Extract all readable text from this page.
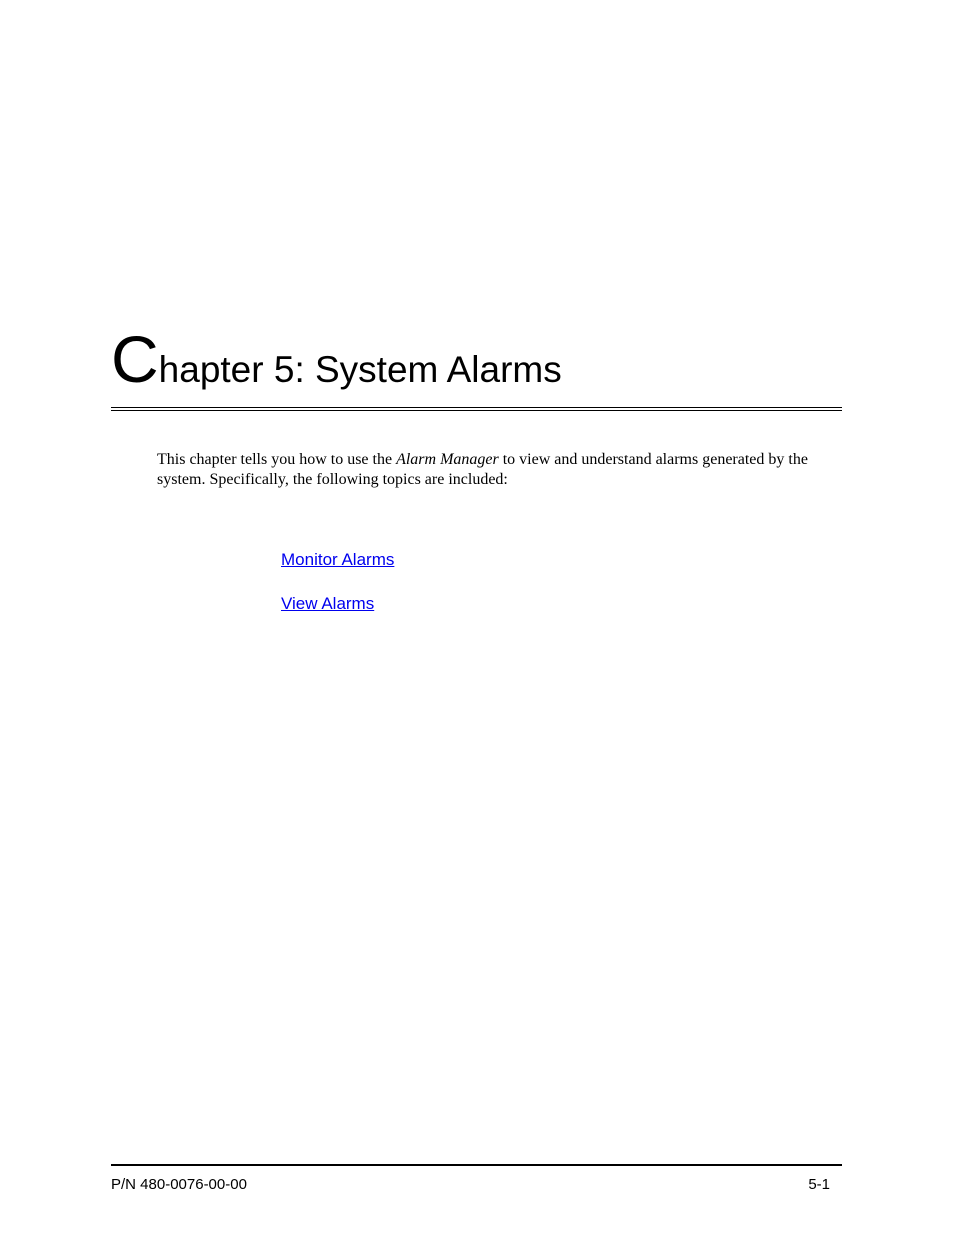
Chapter 5: System Alarms

This chapter tells you how to use the Alarm Manager to view and understand alarms generated by the system. Specifically, the following topics are included:

Monitor Alarms
View Alarms
P/N 480-0076-00-00	5-1
